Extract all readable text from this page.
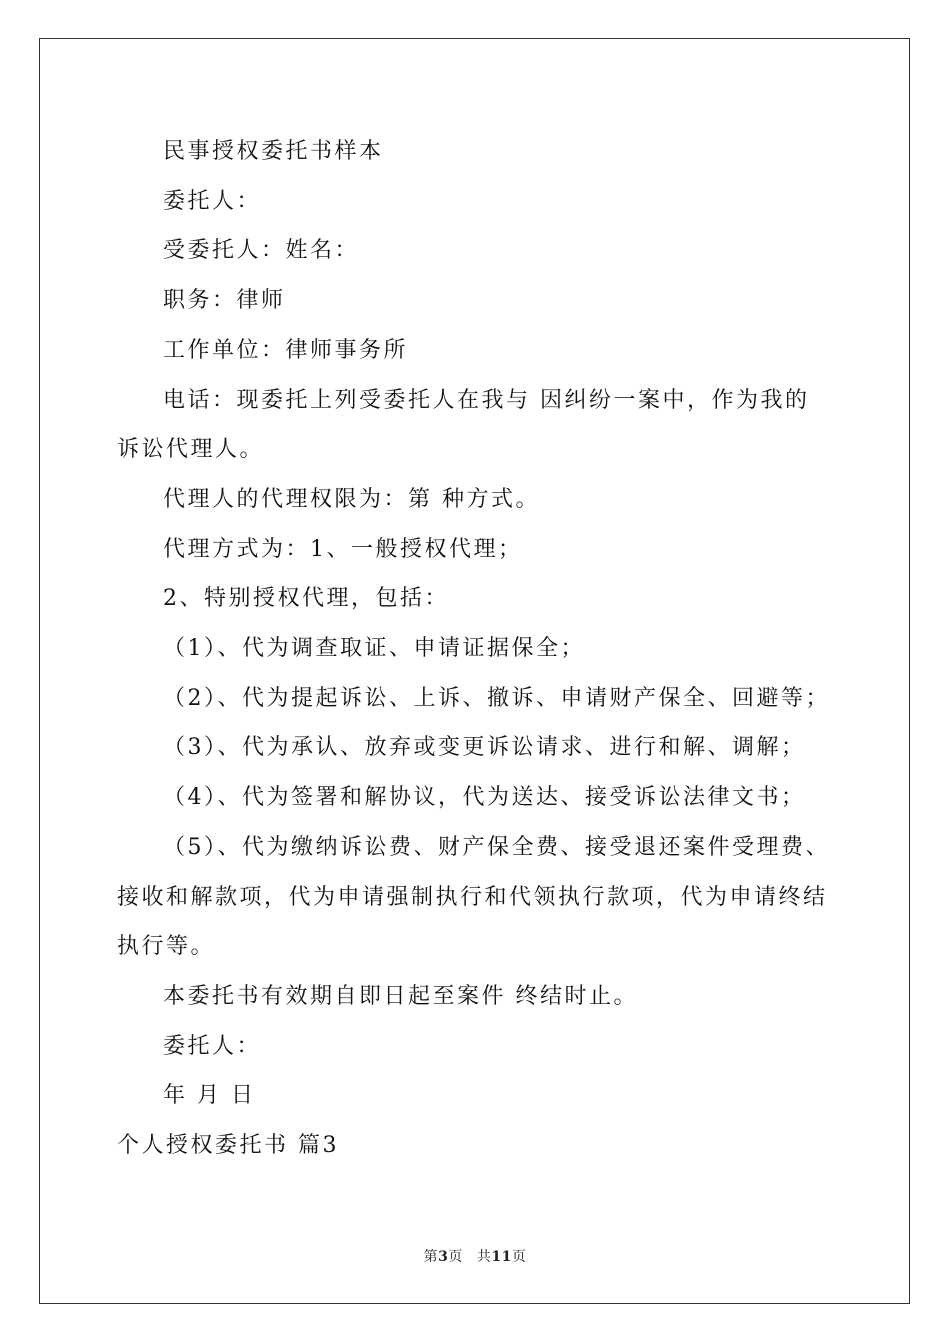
民事授权委托书样本

委托人：

受委托人：姓名：

职务：律师

工作单位：律师事务所

电话：现委托上列受委托人在我与 因纠纷一案中，作为我的 诉讼代理人。

代理人的代理权限为：第 种方式。

代理方式为：1、一般授权代理；

2、特别授权代理，包括：

（1）、代为调查取证、申请证据保全；

（2）、代为提起诉讼、上诉、撤诉、申请财产保全、回避等；

（3）、代为承认、放弃或变更诉讼请求、进行和解、调解；

（4）、代为签署和解协议，代为送达、接受诉讼法律文书；

（5）、代为缴纳诉讼费、财产保全费、接受退还案件受理费、接收和解款项，代为申请强制执行和代领执行款项，代为申请终结执行等。

本委托书有效期自即日起至案件 终结时止。

委托人：

年 月 日

个人授权委托书 篇3

第3页 共11页
